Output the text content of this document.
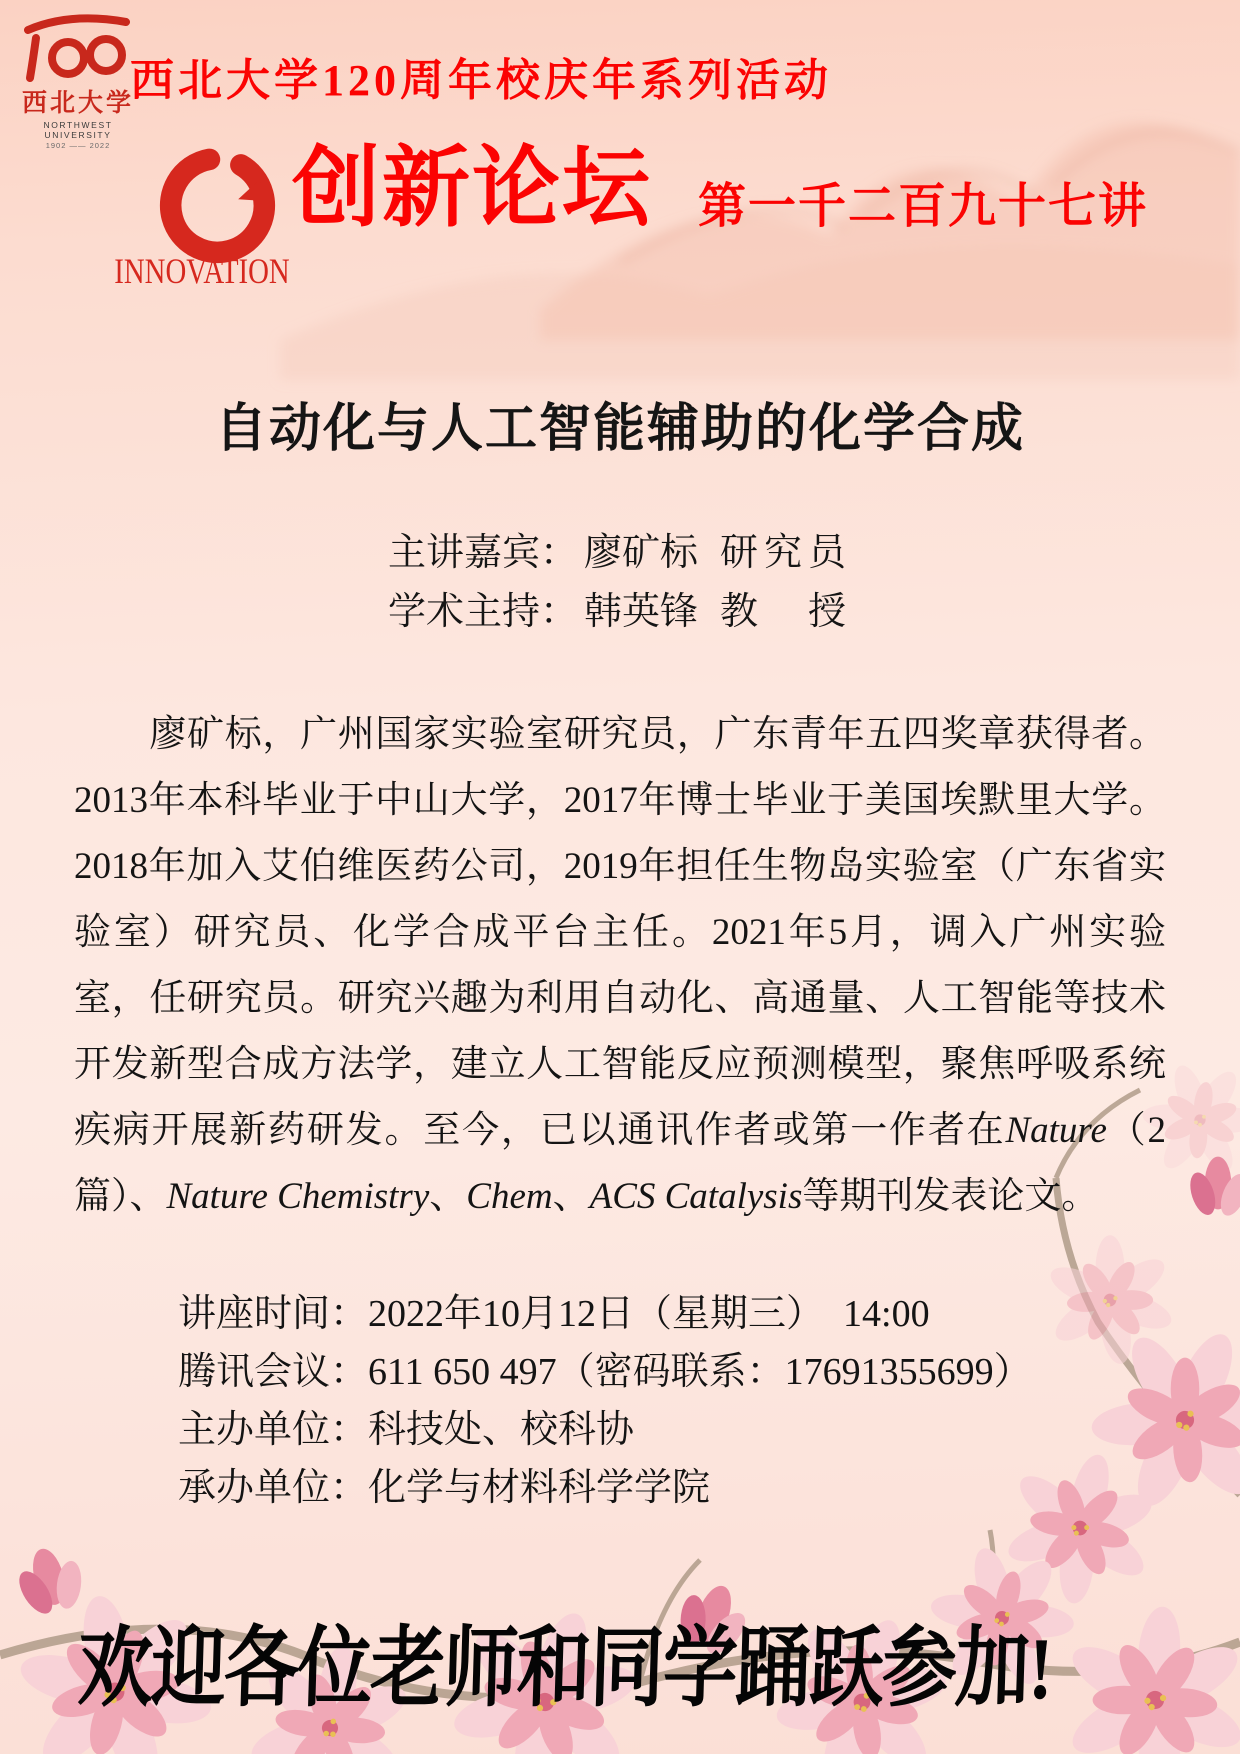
西北大学
NORTHWEST UNIVERSITY
1902 —— 2022
西北大学120周年校庆年系列活动
INNOVATION
创新论坛 第一千二百九十七讲
自动化与人工智能辅助的化学合成
主讲嘉宾： 廖矿标 研究员
学术主持： 韩英锋 教　授
　　廖矿标，广州国家实验室研究员，广东青年五四奖章获得者。
2013年本科毕业于中山大学，2017年博士毕业于美国埃默里大学。
2018年加入艾伯维医药公司，2019年担任生物岛实验室（广东省实
验室）研究员、化学合成平台主任。2021年5月，调入广州实验
室，任研究员。研究兴趣为利用自动化、高通量、人工智能等技术
开发新型合成方法学，建立人工智能反应预测模型，聚焦呼吸系统
疾病开展新药研发。至今，已以通讯作者或第一作者在Nature（2
篇）、Nature Chemistry、Chem、ACS Catalysis等期刊发表论文。
讲座时间：2022年10月12日（星期三）　14:00
腾讯会议：611 650 497（密码联系：17691355699）
主办单位：科技处、校科协
承办单位：化学与材料科学学院
欢迎各位老师和同学踊跃参加!
